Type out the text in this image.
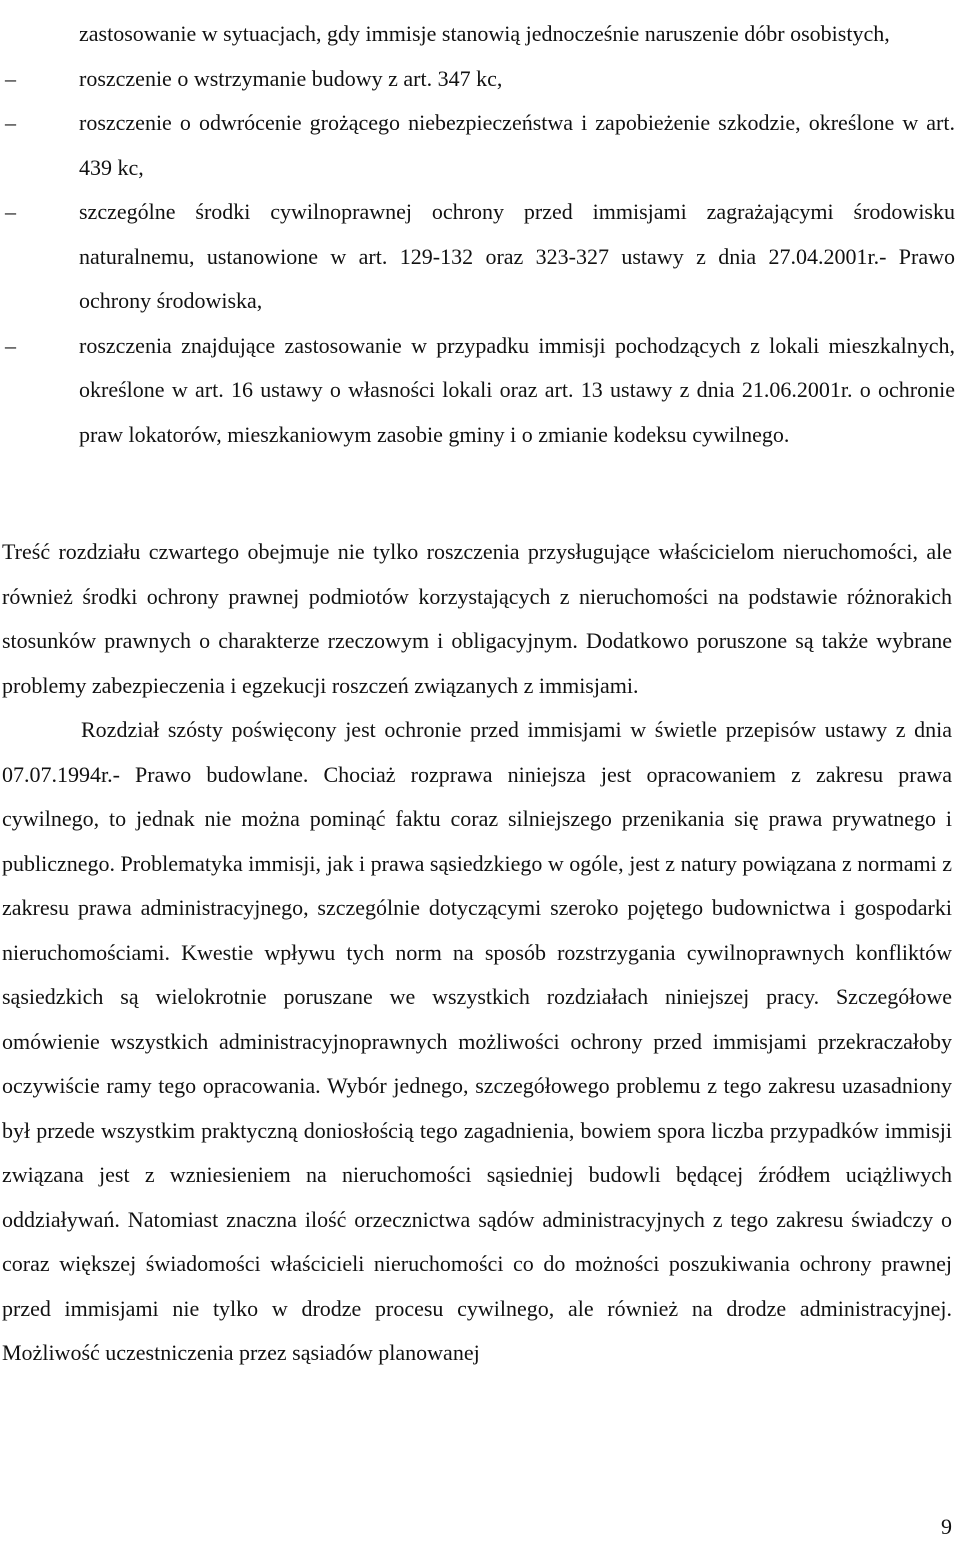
zastosowanie w sytuacjach, gdy immisje stanowią jednocześnie naruszenie dóbr osobistych,
–	roszczenie o wstrzymanie budowy z art. 347 kc,
–	roszczenie o odwrócenie grożącego niebezpieczeństwa i zapobieżenie szkodzie, określone w art. 439 kc,
–	szczególne środki cywilnoprawnej ochrony przed immisjami zagrażającymi środowisku naturalnemu, ustanowione w art. 129-132 oraz 323-327 ustawy z dnia 27.04.2001r.- Prawo ochrony środowiska,
–	roszczenia znajdujące zastosowanie w przypadku immisji pochodzących z lokali mieszkalnych, określone w art. 16 ustawy o własności lokali oraz art. 13 ustawy z dnia 21.06.2001r. o ochronie praw lokatorów, mieszkaniowym zasobie gminy i o zmianie kodeksu cywilnego.

Treść rozdziału czwartego obejmuje nie tylko roszczenia przysługujące właścicielom nieruchomości, ale również środki ochrony prawnej podmiotów korzystających z nieruchomości na podstawie różnorakich stosunków prawnych o charakterze rzeczowym i obligacyjnym. Dodatkowo poruszone są także wybrane problemy zabezpieczenia i egzekucji roszczeń związanych z immisjami.

Rozdział szósty poświęcony jest ochronie przed immisjami w świetle przepisów ustawy z dnia 07.07.1994r.- Prawo budowlane. Chociaż rozprawa niniejsza jest opracowaniem z zakresu prawa cywilnego, to jednak nie można pominąć faktu coraz silniejszego przenikania się prawa prywatnego i publicznego. Problematyka immisji, jak i prawa sąsiedzkiego w ogóle, jest z natury powiązana z normami z zakresu prawa administracyjnego, szczególnie dotyczącymi szeroko pojętego budownictwa i gospodarki nieruchomościami. Kwestie wpływu tych norm na sposób rozstrzygania cywilnoprawnych konfliktów sąsiedzkich są wielokrotnie poruszane we wszystkich rozdziałach niniejszej pracy. Szczegółowe omówienie wszystkich administracyjnoprawnych możliwości ochrony przed immisjami przekraczałoby oczywiście ramy tego opracowania. Wybór jednego, szczegółowego problemu z tego zakresu uzasadniony był przede wszystkim praktyczną doniosłością tego zagadnienia, bowiem spora liczba przypadków immisji związana jest z wzniesieniem na nieruchomości sąsiedniej budowli będącej źródłem uciążliwych oddziaływań. Natomiast znaczna ilość orzecznictwa sądów administracyjnych z tego zakresu świadczy o coraz większej świadomości właścicieli nieruchomości co do możności poszukiwania ochrony prawnej przed immisjami nie tylko w drodze procesu cywilnego, ale również na drodze administracyjnej. Możliwość uczestniczenia przez sąsiadów planowanej

9
